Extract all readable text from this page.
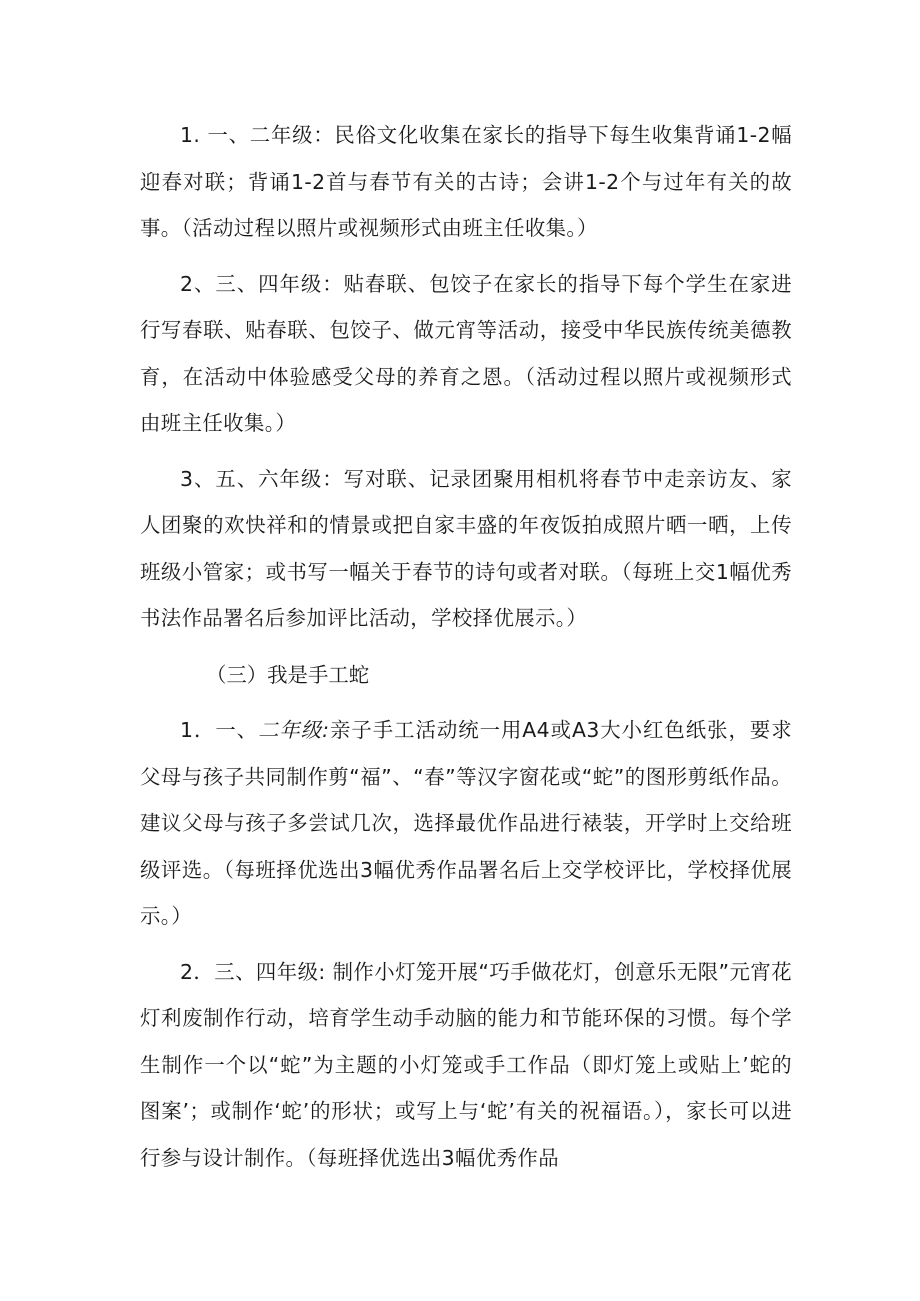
1. 一、二年级：民俗文化收集在家长的指导下每生收集背诵1-2幅迎春对联；背诵1-2首与春节有关的古诗；会讲1-2个与过年有关的故事。（活动过程以照片或视频形式由班主任收集。）

2、三、四年级：贴春联、包饺子在家长的指导下每个学生在家进行写春联、贴春联、包饺子、做元宵等活动，接受中华民族传统美德教育，在活动中体验感受父母的养育之恩。（活动过程以照片或视频形式由班主任收集。）

3、五、六年级：写对联、记录团聚用相机将春节中走亲访友、家人团聚的欢快祥和的情景或把自家丰盛的年夜饭拍成照片晒一晒，上传班级小管家；或书写一幅关于春节的诗句或者对联。（每班上交1幅优秀书法作品署名后参加评比活动，学校择优展示。）

（三）我是手工蛇

1．一、二年级:亲子手工活动统一用A4或A3大小红色纸张，要求父母与孩子共同制作剪“福”、“春”等汉字窗花或“蛇”的图形剪纸作品。建议父母与孩子多尝试几次，选择最优作品进行裱装，开学时上交给班级评选。（每班择优选出3幅优秀作品署名后上交学校评比，学校择优展示。）

2．三、四年级: 制作小灯笼开展“巧手做花灯，创意乐无限”元宵花灯利废制作行动，培育学生动手动脑的能力和节能环保的习惯。每个学生制作一个以“蛇”为主题的小灯笼或手工作品（即灯笼上或贴上’蛇的图案’；或制作‘蛇’的形状；或写上与‘蛇’有关的祝福语。），家长可以进行参与设计制作。（每班择优选出3幅优秀作品
